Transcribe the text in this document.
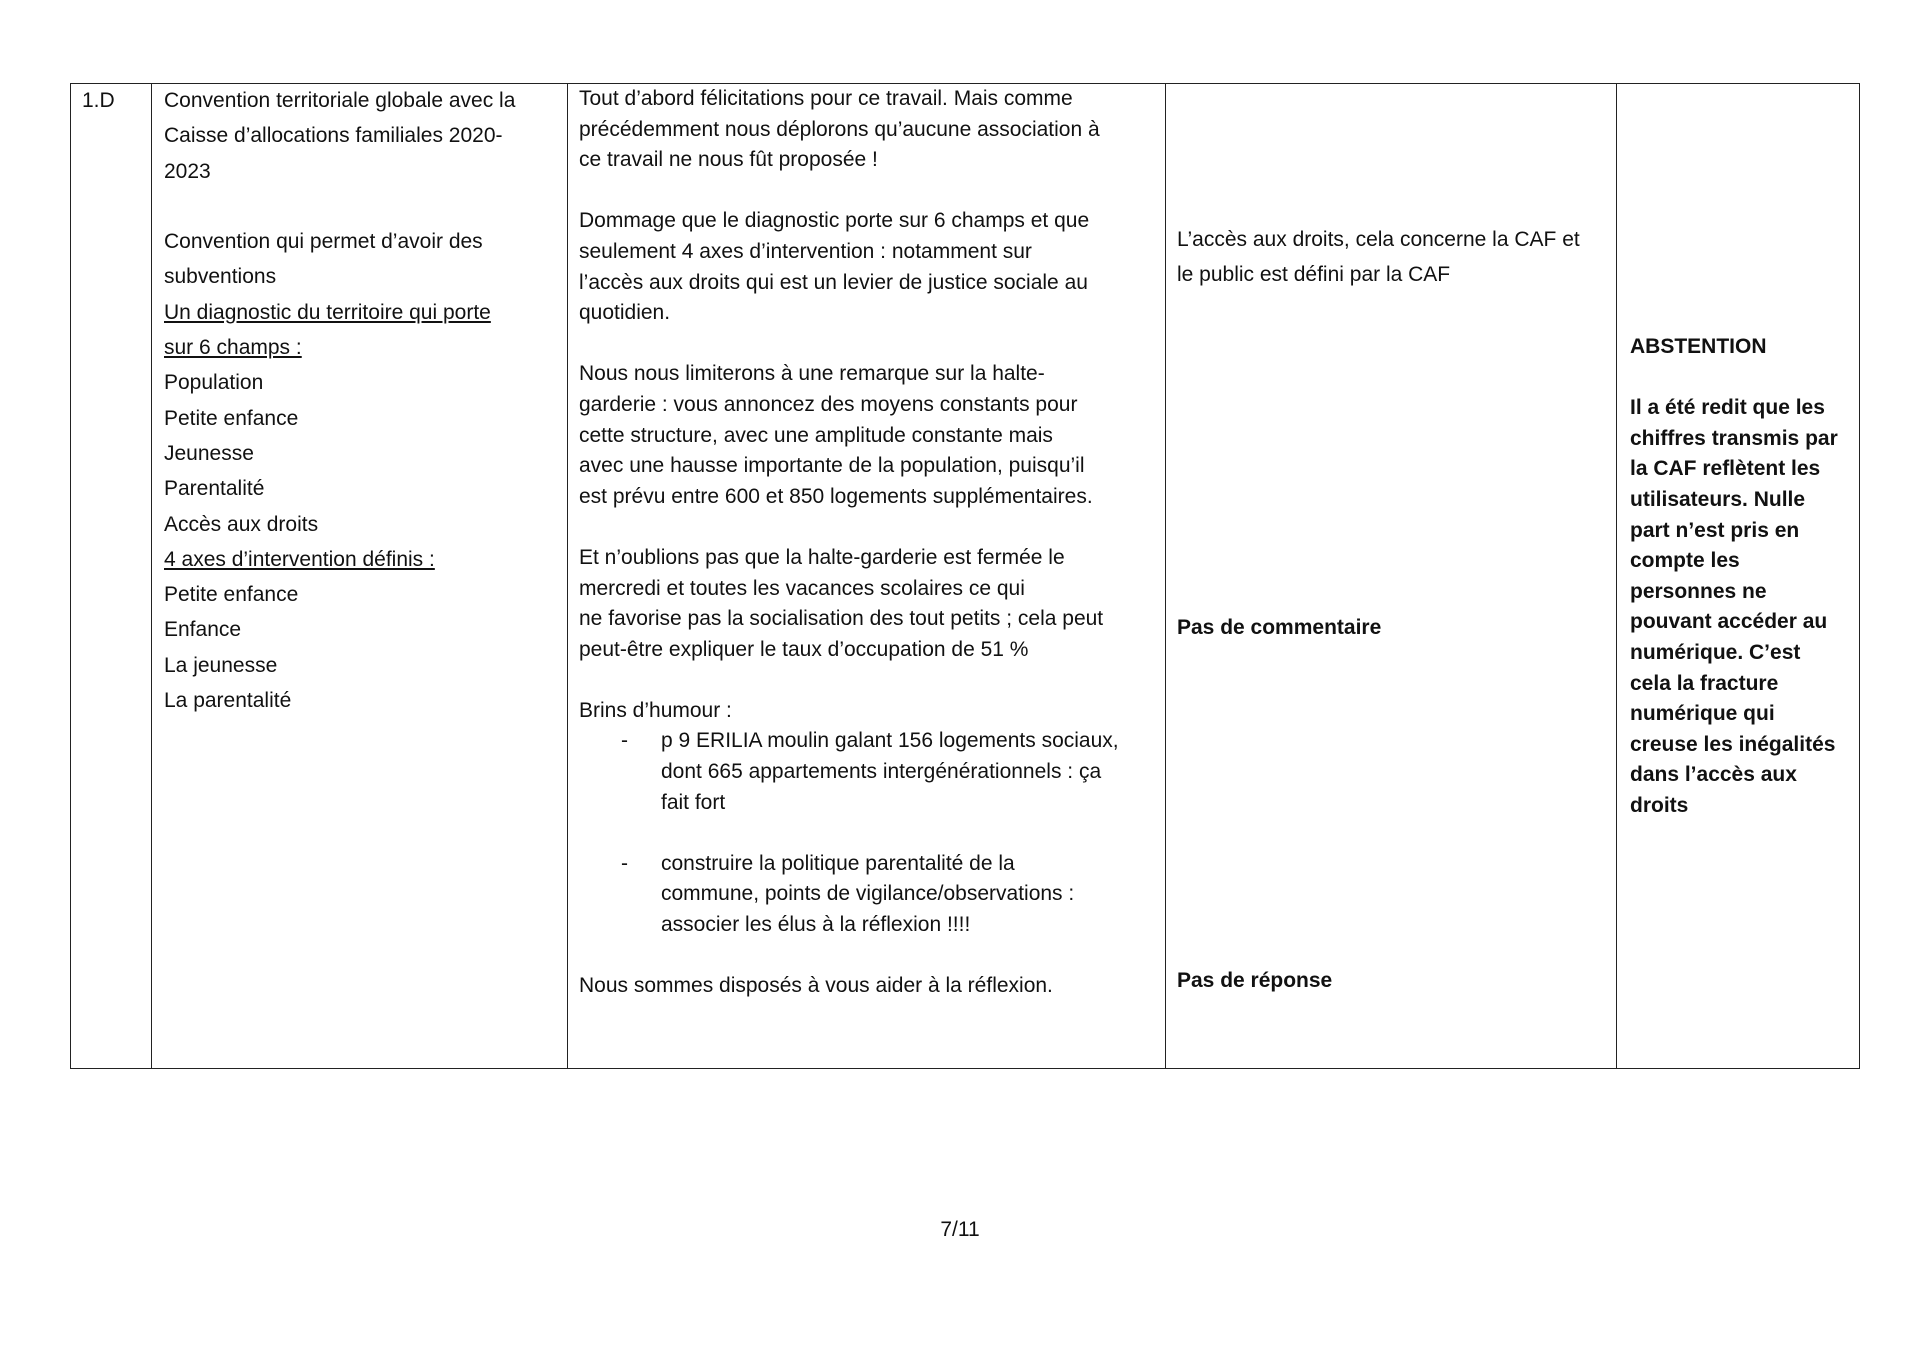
1.D Convention territoriale globale avec la
Caisse d’allocations familiales 2020-
2023

Convention qui permet d’avoir des
subventions
Un diagnostic du territoire qui porte
sur 6 champs :
Population
Petite enfance
Jeunesse
Parentalité
Accès aux droits
4 axes d’intervention définis :
Petite enfance
Enfance
La jeunesse
La parentalité
Tout d’abord félicitations pour ce travail. Mais comme
précédemment nous déplorons qu’aucune association à
ce travail ne nous fût proposée !

Dommage que le diagnostic porte sur 6 champs et que
seulement 4 axes d’intervention : notamment sur
l’accès aux droits qui est un levier de justice sociale au
quotidien.

Nous nous limiterons à une remarque sur la halte-
garderie : vous annoncez des moyens constants pour
cette structure, avec une amplitude constante mais
avec une hausse importante de la population, puisqu’il
est prévu entre 600 et 850 logements supplémentaires.

Et n’oublions pas que la halte-garderie est fermée le
mercredi et toutes les vacances scolaires ce qui
ne favorise pas la socialisation des tout petits ; cela peut
peut-être expliquer le taux d’occupation de 51 %

Brins d’humour :
- p 9 ERILIA moulin galant 156 logements sociaux,
dont 665 appartements intergénérationnels : ça
fait fort

- construire la politique parentalité de la
commune, points de vigilance/observations :
associer les élus à la réflexion !!!!

Nous sommes disposés à vous aider à la réflexion.
L’accès aux droits, cela concerne la CAF et
le public est défini par la CAF
Pas de commentaire
Pas de réponse
ABSTENTION

Il a été redit que les
chiffres transmis par
la CAF reflètent les
utilisateurs. Nulle
part n’est pris en
compte les
personnes ne
pouvant accéder au
numérique. C’est
cela la fracture
numérique qui
creuse les inégalités
dans l’accès aux
droits
7/11
